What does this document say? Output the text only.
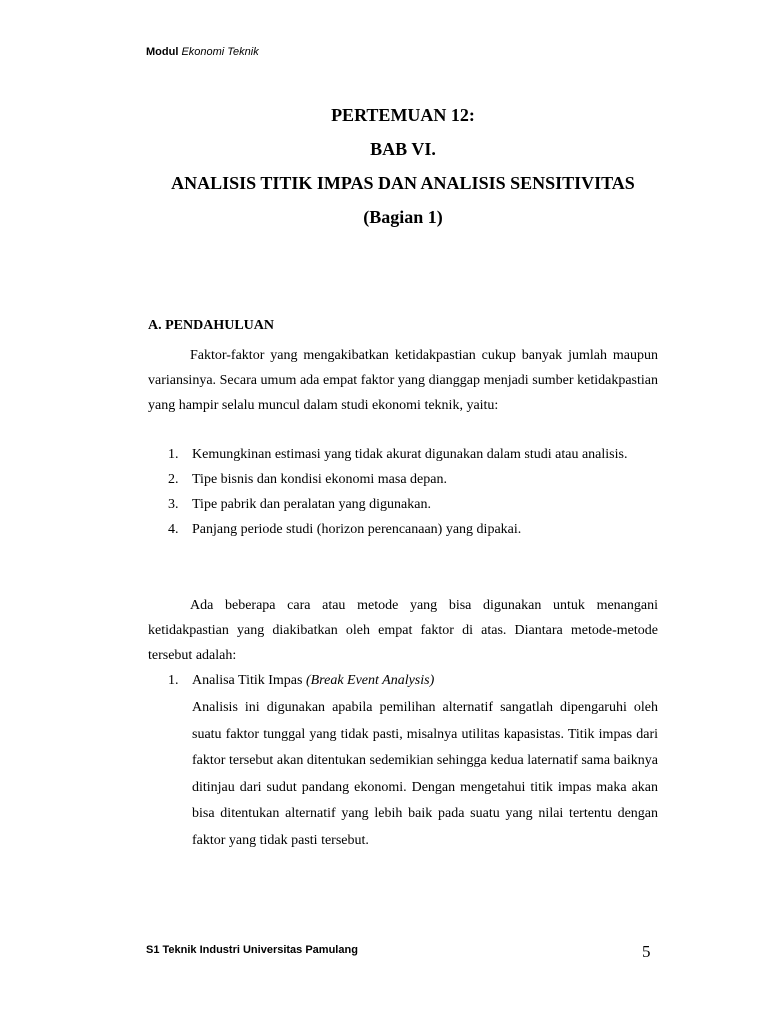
Modul Ekonomi Teknik

PERTEMUAN 12:

BAB VI.

ANALISIS TITIK IMPAS DAN ANALISIS SENSITIVITAS

(Bagian 1)

A. PENDAHULUAN

Faktor-faktor yang mengakibatkan ketidakpastian cukup banyak jumlah maupun variansinya. Secara umum ada empat faktor yang dianggap menjadi sumber ketidakpastian yang hampir selalu muncul dalam studi ekonomi teknik, yaitu:

1. Kemungkinan estimasi yang tidak akurat digunakan dalam studi atau analisis.
2. Tipe bisnis dan kondisi ekonomi masa depan.
3. Tipe pabrik dan peralatan yang digunakan.
4. Panjang periode studi (horizon perencanaan) yang dipakai.

Ada beberapa cara atau metode yang bisa digunakan untuk menangani ketidakpastian yang diakibatkan oleh empat faktor di atas. Diantara metode-metode tersebut adalah:

1. Analisa Titik Impas (Break Event Analysis)

Analisis ini digunakan apabila pemilihan alternatif sangatlah dipengaruhi oleh suatu faktor tunggal yang tidak pasti, misalnya utilitas kapasistas. Titik impas dari faktor tersebut akan ditentukan sedemikian sehingga kedua laternatif sama baiknya ditinjau dari sudut pandang ekonomi. Dengan mengetahui titik impas maka akan bisa ditentukan alternatif yang lebih baik pada suatu yang nilai tertentu dengan faktor yang tidak pasti tersebut.

S1 Teknik Industri Universitas Pamulang	5
